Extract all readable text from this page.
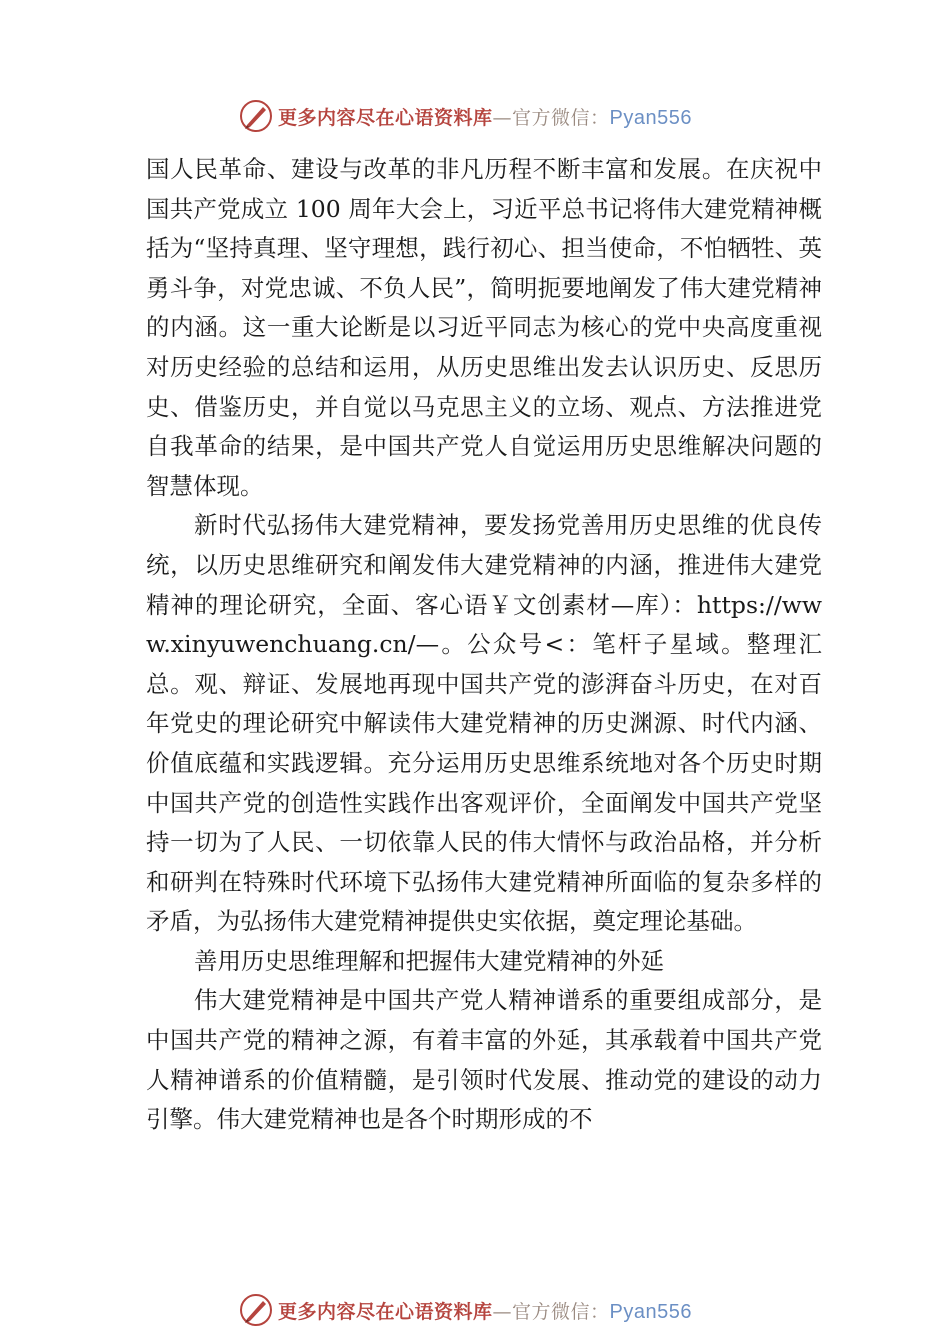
更多内容尽在心语资料库—官方微信：Pyan556

国人民革命、建设与改革的非凡历程不断丰富和发展。在庆祝中国共产党成立 100 周年大会上，习近平总书记将伟大建党精神概括为“坚持真理、坚守理想，践行初心、担当使命，不怕牺牲、英勇斗争，对党忠诚、不负人民”，简明扼要地阐发了伟大建党精神的内涵。这一重大论断是以习近平同志为核心的党中央高度重视对历史经验的总结和运用，从历史思维出发去认识历史、反思历史、借鉴历史，并自觉以马克思主义的立场、观点、方法推进党自我革命的结果，是中国共产党人自觉运用历史思维解决问题的智慧体现。

新时代弘扬伟大建党精神，要发扬党善用历史思维的优良传统，以历史思维研究和阐发伟大建党精神的内涵，推进伟大建党精神的理论研究，全面、客心语￥文创素材—库）：https://www.xinyuwenchuang.cn/—。公众号<：笔杆子星域。整理汇总。观、辩证、发展地再现中国共产党的澎湃奋斗历史，在对百年党史的理论研究中解读伟大建党精神的历史渊源、时代内涵、价值底蕴和实践逻辑。充分运用历史思维系统地对各个历史时期中国共产党的创造性实践作出客观评价，全面阐发中国共产党坚持一切为了人民、一切依靠人民的伟大情怀与政治品格，并分析和研判在特殊时代环境下弘扬伟大建党精神所面临的复杂多样的矛盾，为弘扬伟大建党精神提供史实依据，奠定理论基础。

善用历史思维理解和把握伟大建党精神的外延

伟大建党精神是中国共产党人精神谱系的重要组成部分，是中国共产党的精神之源，有着丰富的外延，其承载着中国共产党人精神谱系的价值精髓，是引领时代发展、推动党的建设的动力引擎。伟大建党精神也是各个时期形成的不

更多内容尽在心语资料库—官方微信：Pyan556
